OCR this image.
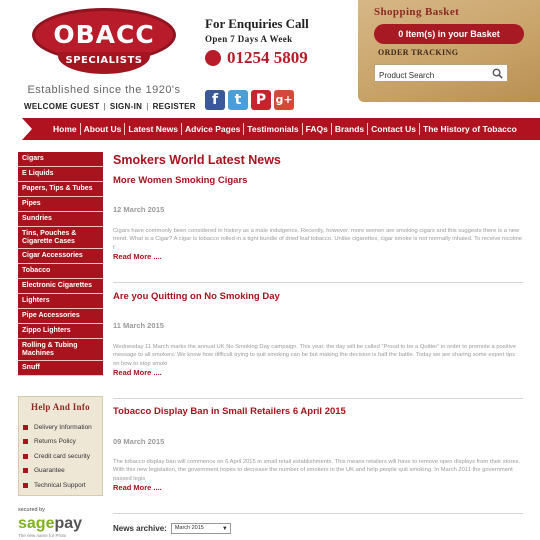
OBACC
SPECIALISTS
Established since the 1920's
For Enquiries Call
Open 7 Days A Week
01254 5809
Shopping Basket
0 Item(s) in your Basket
ORDER TRACKING
Product Search
WELCOME GUEST | SIGN-IN | REGISTER	f	t	P g+
Home About Us Latest News Advice Pages Testimonials FAQs Brands Contact Us The History of Tobacco
Cigars
E Liquids
Papers, Tips & Tubes
Pipes
Sundries
Tins, Pouches & Cigarette Cases
Cigar Accessories
Tobacco
Electronic Cigarettes
Lighters
Pipe Accessories
Zippo Lighters
Rolling & Tubing Machines
Snuff
Help And Info
Delivery Information
Returns Policy
Credit card security
Guarantee
Technical Support
secured by
sagepay
The new name for Protx
Smokers World Latest News
More Women Smoking Cigars
12 March 2015
Cigars have commonly been considered in history as a male indulgence. Recently, however, more women are smoking cigars and this suggests there is a new trend. What is a Cigar? A cigar is tobacco rolled in a tight bundle of dried leaf tobacco. Unlike cigarettes, cigar smoke is not normally inhaled. To receive nicotine f
Read More ....
Are you Quitting on No Smoking Day
11 March 2015
Wednesday 11 March marks the annual UK No Smoking Day campaign. This year, the day will be called "Proud to be a Quitter" in order to promote a positive message to all smokers. We know how difficult trying to quit smoking can be but making the decision is half the battle. Today we are sharing some expert tips on how to stop smoki
Read More ....
Tobacco Display Ban in Small Retailers 6 April 2015
09 March 2015
The tobacco display ban will commence on 6 April 2015 in small retail establishments. This means retailers will have to remove open displays from their stores. With this new legislation, the government hopes to decrease the number of smokers in the UK and help people quit smoking. In March 2011 the government passed legis
Read More ....
News archive:	March 2015	▼
